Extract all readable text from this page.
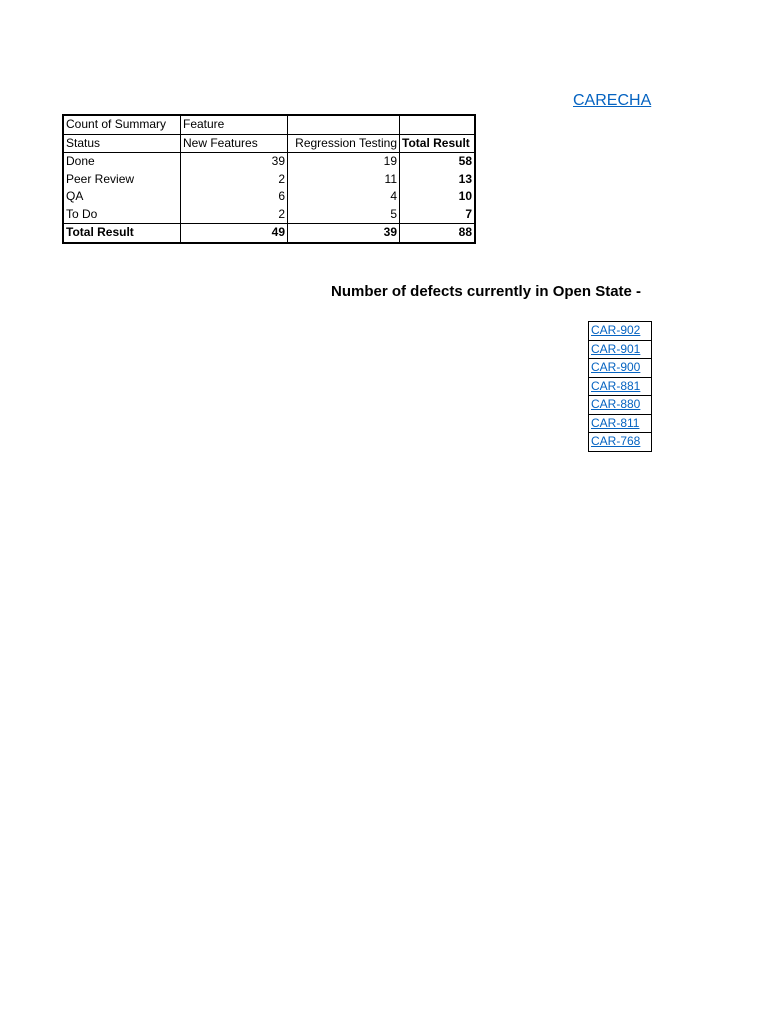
CARECHA
Count of Summary	Feature		
Status	New Features	Regression Testing	Total Result
Done	39	19	58
Peer Review	2	11	13
QA	6	4	10
To Do	2	5	7
Total Result	49	39	88
Number of defects currently in Open State -
CAR-902
CAR-901
CAR-900
CAR-881
CAR-880
CAR-811
CAR-768
